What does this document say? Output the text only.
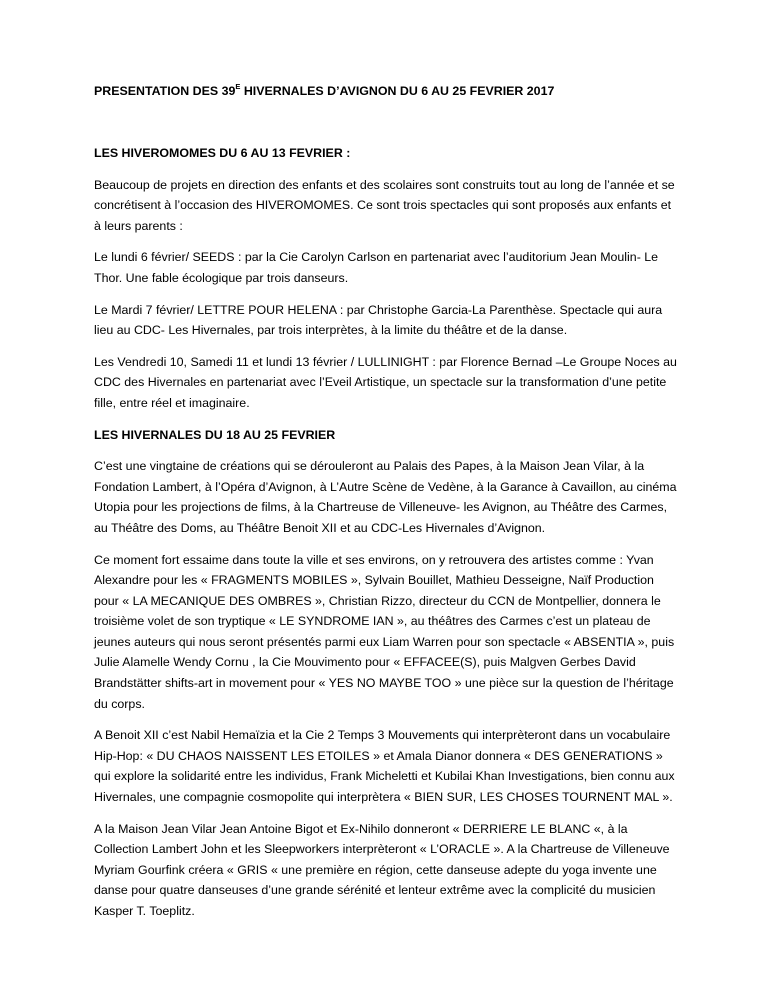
PRESENTATION DES $39^E$ HIVERNALES D’AVIGNON DU 6 AU 25 FEVRIER 2017

LES HIVEROMOMES DU 6 AU 13 FEVRIER :

Beaucoup de projets en direction des enfants et des scolaires sont construits tout au long de l’année et se concrétisent à l’occasion des HIVEROMOMES. Ce sont trois spectacles qui sont proposés aux enfants et à leurs parents :

Le lundi 6 février/ SEEDS : par la Cie Carolyn Carlson en partenariat avec l’auditorium Jean Moulin- Le Thor. Une fable écologique par trois danseurs.

Le Mardi 7 février/ LETTRE POUR HELENA : par Christophe Garcia-La Parenthèse. Spectacle qui aura lieu au CDC- Les Hivernales, par trois interprètes, à la limite du théâtre et de la danse.

Les Vendredi 10, Samedi 11 et lundi 13 février / LULLINIGHT : par Florence Bernad –Le Groupe Noces au CDC des Hivernales en partenariat avec l’Eveil Artistique, un spectacle sur la transformation d’une petite fille, entre réel et imaginaire.

LES HIVERNALES DU 18 AU 25 FEVRIER

C’est une vingtaine de créations qui se dérouleront au Palais des Papes, à la Maison Jean Vilar, à la Fondation Lambert, à l’Opéra d’Avignon, à L’Autre Scène de Vedène, à la Garance à Cavaillon, au cinéma Utopia pour les projections de films, à la Chartreuse de Villeneuve- les Avignon, au Théâtre des Carmes, au Théâtre des Doms, au Théâtre Benoit XII et au CDC-Les Hivernales d’Avignon.

Ce moment fort essaime dans toute la ville et ses environs, on y retrouvera des artistes comme : Yvan Alexandre pour les « FRAGMENTS MOBILES », Sylvain Bouillet, Mathieu Desseigne, Naïf Production pour « LA MECANIQUE DES OMBRES », Christian Rizzo, directeur du CCN de Montpellier, donnera le troisième volet de son tryptique « LE SYNDROME IAN », au théâtres des Carmes c’est un plateau de jeunes auteurs qui nous seront présentés parmi eux Liam Warren pour son spectacle « ABSENTIA », puis Julie Alamelle Wendy Cornu , la Cie Mouvimento pour « EFFACEE(S), puis Malgven Gerbes David Brandstätter shifts-art in movement pour « YES NO MAYBE TOO » une pièce sur la question de l’héritage du corps.

A Benoit XII c’est Nabil Hemaïzia et la Cie 2 Temps 3 Mouvements qui interprèteront dans un vocabulaire Hip-Hop: « DU CHAOS NAISSENT LES ETOILES » et Amala Dianor donnera « DES GENERATIONS » qui explore la solidarité entre les individus, Frank Micheletti et Kubilai Khan Investigations, bien connu aux Hivernales, une compagnie cosmopolite qui interprètera « BIEN SUR, LES CHOSES TOURNENT MAL ».

A la Maison Jean Vilar Jean Antoine Bigot et Ex-Nihilo donneront « DERRIERE LE BLANC «, à la Collection Lambert John et les Sleepworkers interprèteront « L’ORACLE ». A la Chartreuse de Villeneuve Myriam Gourfink créera « GRIS « une première en région, cette danseuse adepte du yoga invente une danse pour quatre danseuses d’une grande sérénité et lenteur extrême avec la complicité du musicien Kasper T. Toeplitz.
